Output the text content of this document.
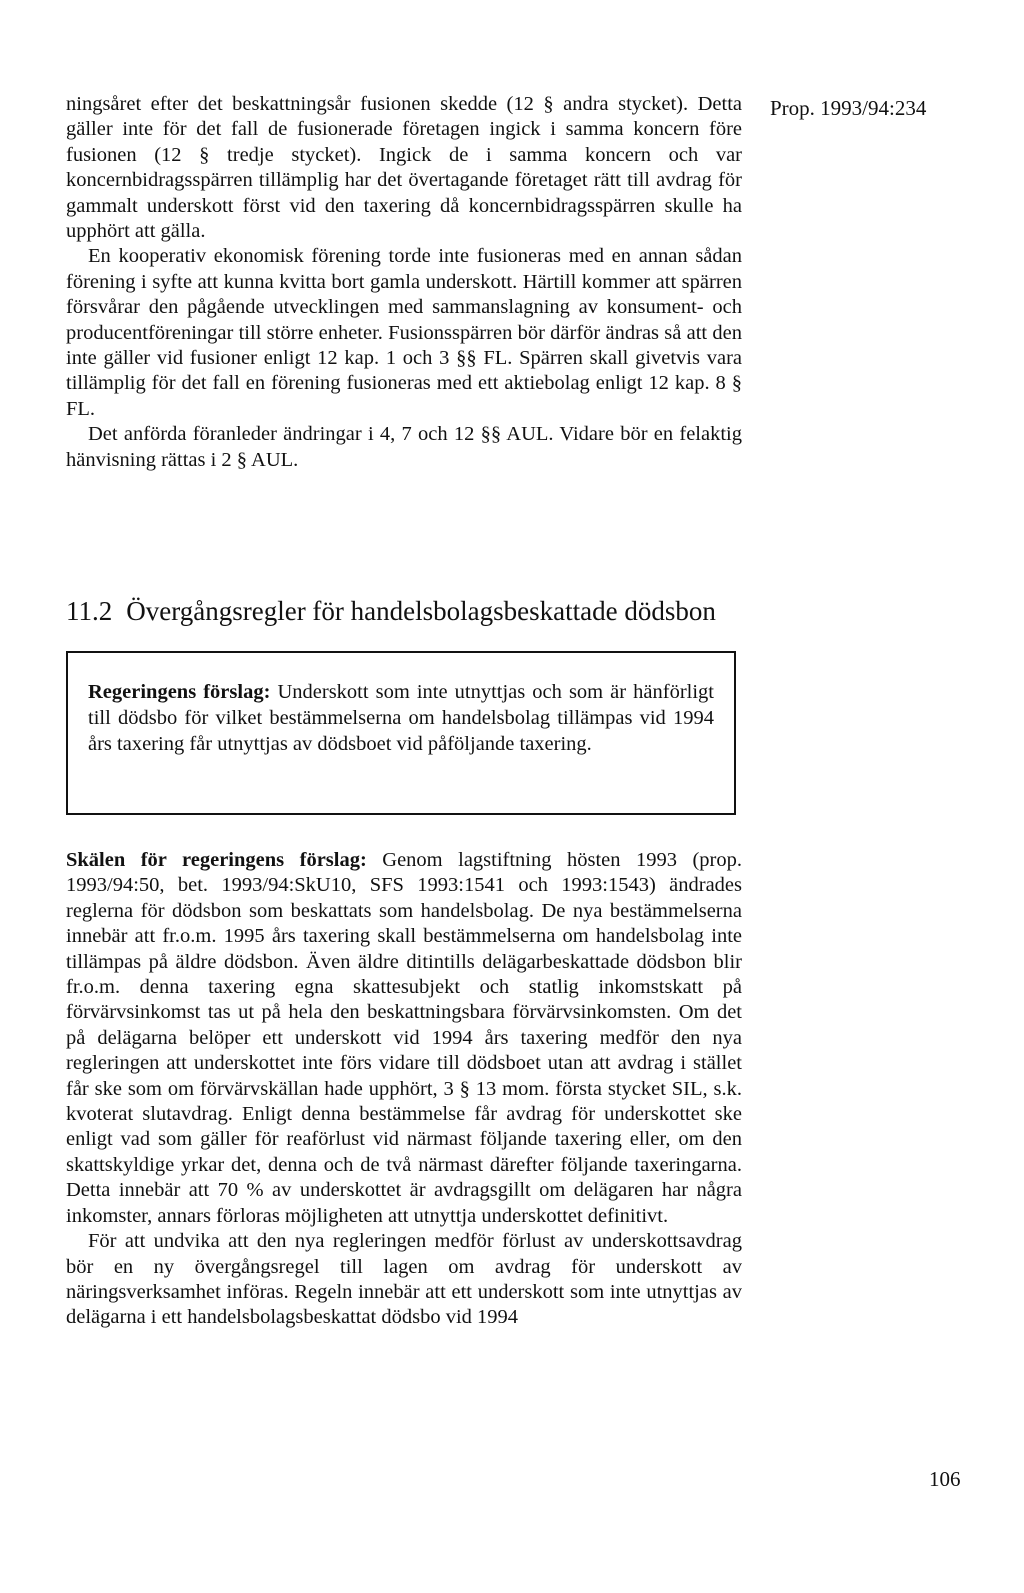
Prop. 1993/94:234

ningsåret efter det beskattningsår fusionen skedde (12 § andra stycket). Detta gäller inte för det fall de fusionerade företagen ingick i samma koncern före fusionen (12 § tredje stycket). Ingick de i samma koncern och var koncernbidragsspärren tillämplig har det övertagande företaget rätt till avdrag för gammalt underskott först vid den taxering då koncernbidragsspärren skulle ha upphört att gälla.

En kooperativ ekonomisk förening torde inte fusioneras med en annan sådan förening i syfte att kunna kvitta bort gamla underskott. Härtill kommer att spärren försvårar den pågående utvecklingen med sammanslagning av konsument- och producentföreningar till större enheter. Fusionsspärren bör därför ändras så att den inte gäller vid fusioner enligt 12 kap. 1 och 3 §§ FL. Spärren skall givetvis vara tillämplig för det fall en förening fusioneras med ett aktiebolag enligt 12 kap. 8 § FL.

Det anförda föranleder ändringar i 4, 7 och 12 §§ AUL. Vidare bör en felaktig hänvisning rättas i 2 § AUL.

11.2 Övergångsregler för handelsbolagsbeskattade dödsbon
Regeringens förslag: Underskott som inte utnyttjas och som är hänförligt till dödsbo för vilket bestämmelserna om handelsbolag tillämpas vid 1994 års taxering får utnyttjas av dödsboet vid påföljande taxering.

Skälen för regeringens förslag: Genom lagstiftning hösten 1993 (prop. 1993/94:50, bet. 1993/94:SkU10, SFS 1993:1541 och 1993:1543) ändrades reglerna för dödsbon som beskattats som handelsbolag. De nya bestämmelserna innebär att fr.o.m. 1995 års taxering skall bestämmelserna om handelsbolag inte tillämpas på äldre dödsbon. Även äldre ditintills delägarbeskattade dödsbon blir fr.o.m. denna taxering egna skattesubjekt och statlig inkomstskatt på förvärvsinkomst tas ut på hela den beskattningsbara förvärvsinkomsten. Om det på delägarna belöper ett underskott vid 1994 års taxering medför den nya regleringen att underskottet inte förs vidare till dödsboet utan att avdrag i stället får ske som om förvärvskällan hade upphört, 3 § 13 mom. första stycket SIL, s.k. kvoterat slutavdrag. Enligt denna bestämmelse får avdrag för underskottet ske enligt vad som gäller för reaförlust vid närmast följande taxering eller, om den skattskyldige yrkar det, denna och de två närmast därefter följande taxeringarna. Detta innebär att 70 % av underskottet är avdragsgillt om delägaren har några inkomster, annars förloras möjligheten att utnyttja underskottet definitivt.

För att undvika att den nya regleringen medför förlust av underskottsavdrag bör en ny övergångsregel till lagen om avdrag för underskott av näringsverksamhet införas. Regeln innebär att ett underskott som inte utnyttjas av delägarna i ett handelsbolagsbeskattat dödsbo vid 1994

106
